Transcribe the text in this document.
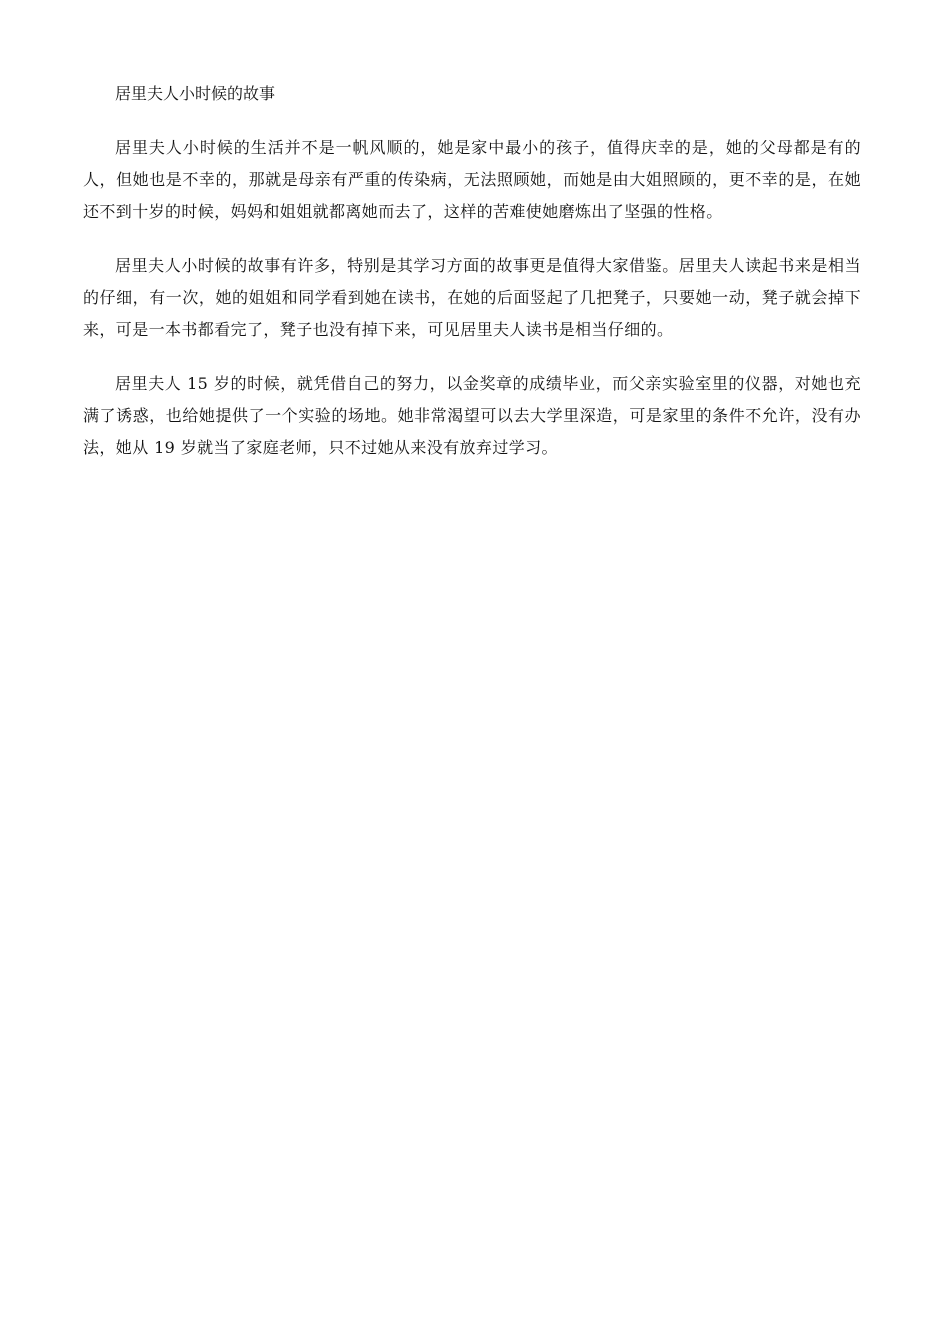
居里夫人小时候的故事

居里夫人小时候的生活并不是一帆风顺的，她是家中最小的孩子，值得庆幸的是，她的父母都是有的人，但她也是不幸的，那就是母亲有严重的传染病，无法照顾她，而她是由大姐照顾的，更不幸的是，在她还不到十岁的时候，妈妈和姐姐就都离她而去了，这样的苦难使她磨炼出了坚强的性格。

居里夫人小时候的故事有许多，特别是其学习方面的故事更是值得大家借鉴。居里夫人读起书来是相当的仔细，有一次，她的姐姐和同学看到她在读书，在她的后面竖起了几把凳子，只要她一动，凳子就会掉下来，可是一本书都看完了，凳子也没有掉下来，可见居里夫人读书是相当仔细的。

居里夫人 15 岁的时候，就凭借自己的努力，以金奖章的成绩毕业，而父亲实验室里的仪器，对她也充满了诱惑，也给她提供了一个实验的场地。她非常渴望可以去大学里深造，可是家里的条件不允许，没有办法，她从 19 岁就当了家庭老师，只不过她从来没有放弃过学习。
